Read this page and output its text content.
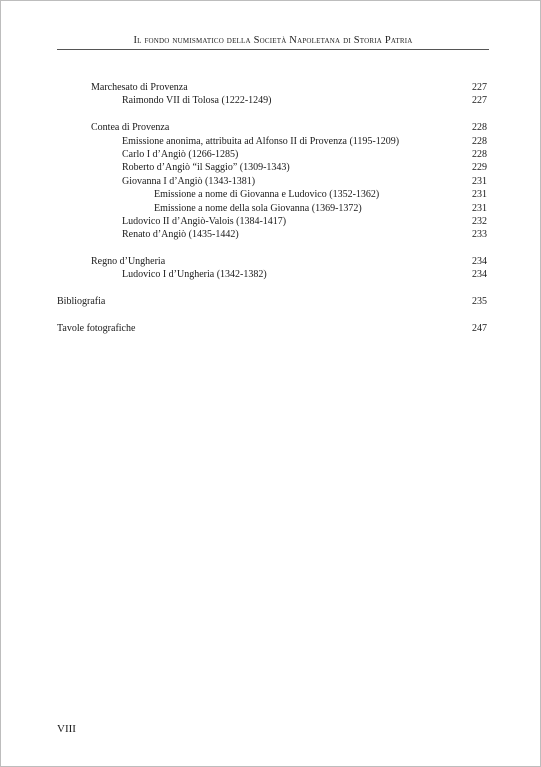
Il fondo numismatico della Società Napoletana di Storia Patria
Marchesato di Provenza	227
Raimondo VII di Tolosa (1222-1249)	227
Contea di Provenza	228
Emissione anonima, attribuita ad Alfonso II di Provenza (1195-1209)	228
Carlo I d’Angiò (1266-1285)	228
Roberto d’Angiò “il Saggio” (1309-1343)	229
Giovanna I d’Angiò (1343-1381)	231
Emissione a nome di Giovanna e Ludovico (1352-1362)	231
Emissione a nome della sola Giovanna (1369-1372)	231
Ludovico II d’Angiò-Valois (1384-1417)	232
Renato d’Angiò (1435-1442)	233
Regno d’Ungheria	234
Ludovico I d’Ungheria (1342-1382)	234
Bibliografia	235
Tavole fotografiche	247
VIII
